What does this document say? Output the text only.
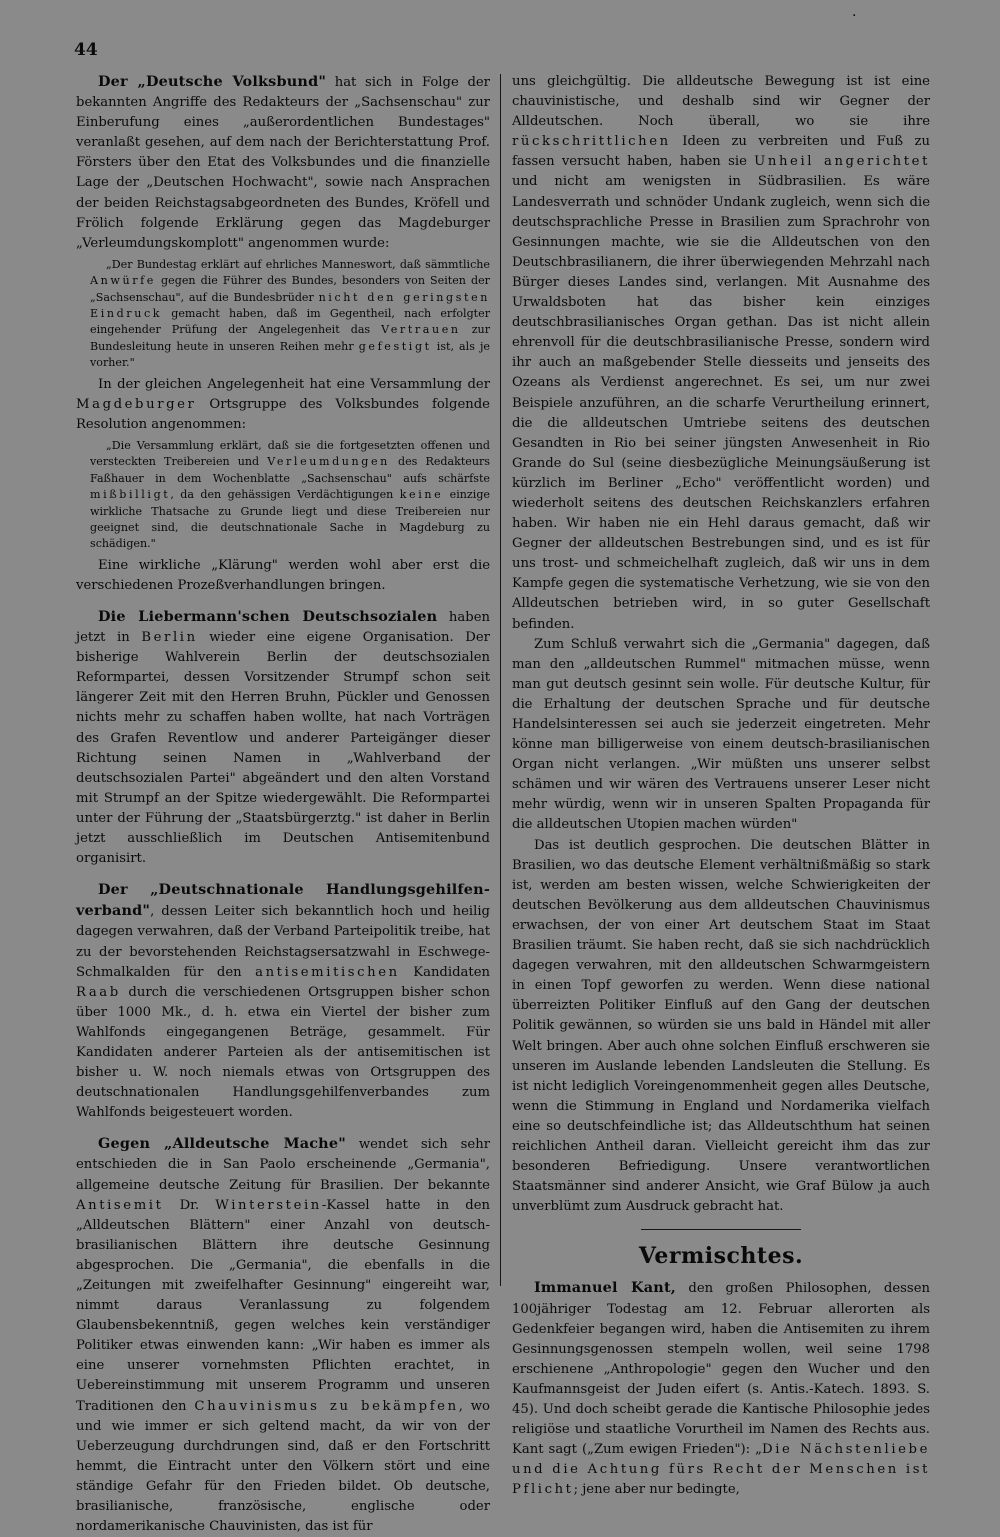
·
44

Der „Deutsche Volksbund" hat sich in Folge der bekannten Angriffe des Redakteurs der „Sachsenschau" zur Einberufung eines „außerordentlichen Bundestages" veranlaßt gesehen, auf dem nach der Berichterstattung Prof. Försters über den Etat des Volksbundes und die finanzielle Lage der „Deutschen Hochwacht", sowie nach Ansprachen der beiden Reichstagsabgeordneten des Bundes, Kröfell und Frölich folgende Erklärung gegen das Magdeburger „Verleumdungskomplott" angenommen wurde:

„Der Bundestag erklärt auf ehrliches Manneswort, daß sämmtliche Anwürfe gegen die Führer des Bundes, besonders von Seiten der „Sachsenschau", auf die Bundesbrüder nicht den geringsten Eindruck gemacht haben, daß im Gegentheil, nach erfolgter eingehender Prüfung der Angelegenheit das Vertrauen zur Bundesleitung heute in unseren Reihen mehr gefestigt ist, als je vorher."

In der gleichen Angelegenheit hat eine Versammlung der Magdeburger Ortsgruppe des Volksbundes folgende Resolution angenommen:

„Die Versammlung erklärt, daß sie die fortgesetzten offenen und versteckten Treibereien und Verleumdungen des Redakteurs Faßhauer in dem Wochenblatte „Sachsenschau" aufs schärfste mißbilligt, da den gehässigen Verdächtigungen keine einzige wirkliche Thatsache zu Grunde liegt und diese Treibereien nur geeignet sind, die deutschnationale Sache in Magdeburg zu schädigen."

Eine wirkliche „Klärung" werden wohl aber erst die verschiedenen Prozeßverhandlungen bringen.

Die Liebermann'schen Deutschsozialen haben jetzt in Berlin wieder eine eigene Organisation. Der bisherige Wahlverein Berlin der deutschsozialen Reformpartei, dessen Vorsitzender Strumpf schon seit längerer Zeit mit den Herren Bruhn, Pückler und Genossen nichts mehr zu schaffen haben wollte, hat nach Vorträgen des Grafen Reventlow und anderer Parteigänger dieser Richtung seinen Namen in „Wahlverband der deutschsozialen Partei" abgeändert und den alten Vorstand mit Strumpf an der Spitze wiedergewählt. Die Reformpartei unter der Führung der „Staatsbürgerztg." ist daher in Berlin jetzt ausschließlich im Deutschen Antisemitenbund organisirt.

Der „Deutschnationale Handlungsgehilfen-verband", dessen Leiter sich bekanntlich hoch und heilig dagegen verwahren, daß der Verband Parteipolitik treibe, hat zu der bevorstehenden Reichstagsersatzwahl in Eschwege-Schmalkalden für den antisemitischen Kandidaten Raab durch die verschiedenen Ortsgruppen bisher schon über 1000 Mk., d. h. etwa ein Viertel der bisher zum Wahlfonds eingegangenen Beträge, gesammelt. Für Kandidaten anderer Parteien als der antisemitischen ist bisher u. W. noch niemals etwas von Ortsgruppen des deutschnationalen Handlungsgehilfenverbandes zum Wahlfonds beigesteuert worden.

Gegen „Alldeutsche Mache" wendet sich sehr entschieden die in San Paolo erscheinende „Germania", allgemeine deutsche Zeitung für Brasilien. Der bekannte Antisemit Dr. Winterstein-Kassel hatte in den „Alldeutschen Blättern" einer Anzahl von deutsch-brasilianischen Blättern ihre deutsche Gesinnung abgesprochen. Die „Germania", die ebenfalls in die „Zeitungen mit zweifelhafter Gesinnung" eingereiht war, nimmt daraus Veranlassung zu folgendem Glaubensbekenntniß, gegen welches kein verständiger Politiker etwas einwenden kann: „Wir haben es immer als eine unserer vornehmsten Pflichten erachtet, in Uebereinstimmung mit unserem Programm und unseren Traditionen den Chauvinismus zu bekämpfen, wo und wie immer er sich geltend macht, da wir von der Ueberzeugung durchdrungen sind, daß er den Fortschritt hemmt, die Eintracht unter den Völkern stört und eine ständige Gefahr für den Frieden bildet. Ob deutsche, brasilianische, französische, englische oder nordamerikanische Chauvinisten, das ist für

uns gleichgültig. Die alldeutsche Bewegung ist ist eine chauvinistische, und deshalb sind wir Gegner der Alldeutschen. Noch überall, wo sie ihre rückschrittlichen Ideen zu verbreiten und Fuß zu fassen versucht haben, haben sie Unheil angerichtet und nicht am wenigsten in Südbrasilien. Es wäre Landesverrath und schnöder Undank zugleich, wenn sich die deutschsprachliche Presse in Brasilien zum Sprachrohr von Gesinnungen machte, wie sie die Alldeutschen von den Deutschbrasilianern, die ihrer überwiegenden Mehrzahl nach Bürger dieses Landes sind, verlangen. Mit Ausnahme des Urwaldsboten hat das bisher kein einziges deutschbrasilianisches Organ gethan. Das ist nicht allein ehrenvoll für die deutschbrasilianische Presse, sondern wird ihr auch an maßgebender Stelle diesseits und jenseits des Ozeans als Verdienst angerechnet. Es sei, um nur zwei Beispiele anzuführen, an die scharfe Verurtheilung erinnert, die die alldeutschen Umtriebe seitens des deutschen Gesandten in Rio bei seiner jüngsten Anwesenheit in Rio Grande do Sul (seine diesbezügliche Meinungsäußerung ist kürzlich im Berliner „Echo" veröffentlicht worden) und wiederholt seitens des deutschen Reichskanzlers erfahren haben. Wir haben nie ein Hehl daraus gemacht, daß wir Gegner der alldeutschen Bestrebungen sind, und es ist für uns trost- und schmeichelhaft zugleich, daß wir uns in dem Kampfe gegen die systematische Verhetzung, wie sie von den Alldeutschen betrieben wird, in so guter Gesellschaft befinden.

Zum Schluß verwahrt sich die „Germania" dagegen, daß man den „alldeutschen Rummel" mitmachen müsse, wenn man gut deutsch gesinnt sein wolle. Für deutsche Kultur, für die Erhaltung der deutschen Sprache und für deutsche Handelsinteressen sei auch sie jederzeit eingetreten. Mehr könne man billigerweise von einem deutsch-brasilianischen Organ nicht verlangen. „Wir müßten uns unserer selbst schämen und wir wären des Vertrauens unserer Leser nicht mehr würdig, wenn wir in unseren Spalten Propaganda für die alldeutschen Utopien machen würden"

Das ist deutlich gesprochen. Die deutschen Blätter in Brasilien, wo das deutsche Element verhältnißmäßig so stark ist, werden am besten wissen, welche Schwierigkeiten der deutschen Bevölkerung aus dem alldeutschen Chauvinismus erwachsen, der von einer Art deutschem Staat im Staat Brasilien träumt. Sie haben recht, daß sie sich nachdrücklich dagegen verwahren, mit den alldeutschen Schwarmgeistern in einen Topf geworfen zu werden. Wenn diese national überreizten Politiker Einfluß auf den Gang der deutschen Politik gewännen, so würden sie uns bald in Händel mit aller Welt bringen. Aber auch ohne solchen Einfluß erschweren sie unseren im Auslande lebenden Landsleuten die Stellung. Es ist nicht lediglich Voreingenommenheit gegen alles Deutsche, wenn die Stimmung in England und Nordamerika vielfach eine so deutschfeindliche ist; das Alldeutschthum hat seinen reichlichen Antheil daran. Vielleicht gereicht ihm das zur besonderen Befriedigung. Unsere verantwortlichen Staatsmänner sind anderer Ansicht, wie Graf Bülow ja auch unverblümt zum Ausdruck gebracht hat.

Vermischtes.

Immanuel Kant, den großen Philosophen, dessen 100jähriger Todestag am 12. Februar allerorten als Gedenkfeier begangen wird, haben die Antisemiten zu ihrem Gesinnungsgenossen stempeln wollen, weil seine 1798 erschienene „Anthropologie" gegen den Wucher und den Kaufmannsgeist der Juden eifert (s. Antis.-Katech. 1893. S. 45). Und doch scheibt gerade die Kantische Philosophie jedes religiöse und staatliche Vorurtheil im Namen des Rechts aus. Kant sagt („Zum ewigen Frieden"): „Die Nächstenliebe und die Achtung fürs Recht der Menschen ist Pflicht; jene aber nur bedingte,
